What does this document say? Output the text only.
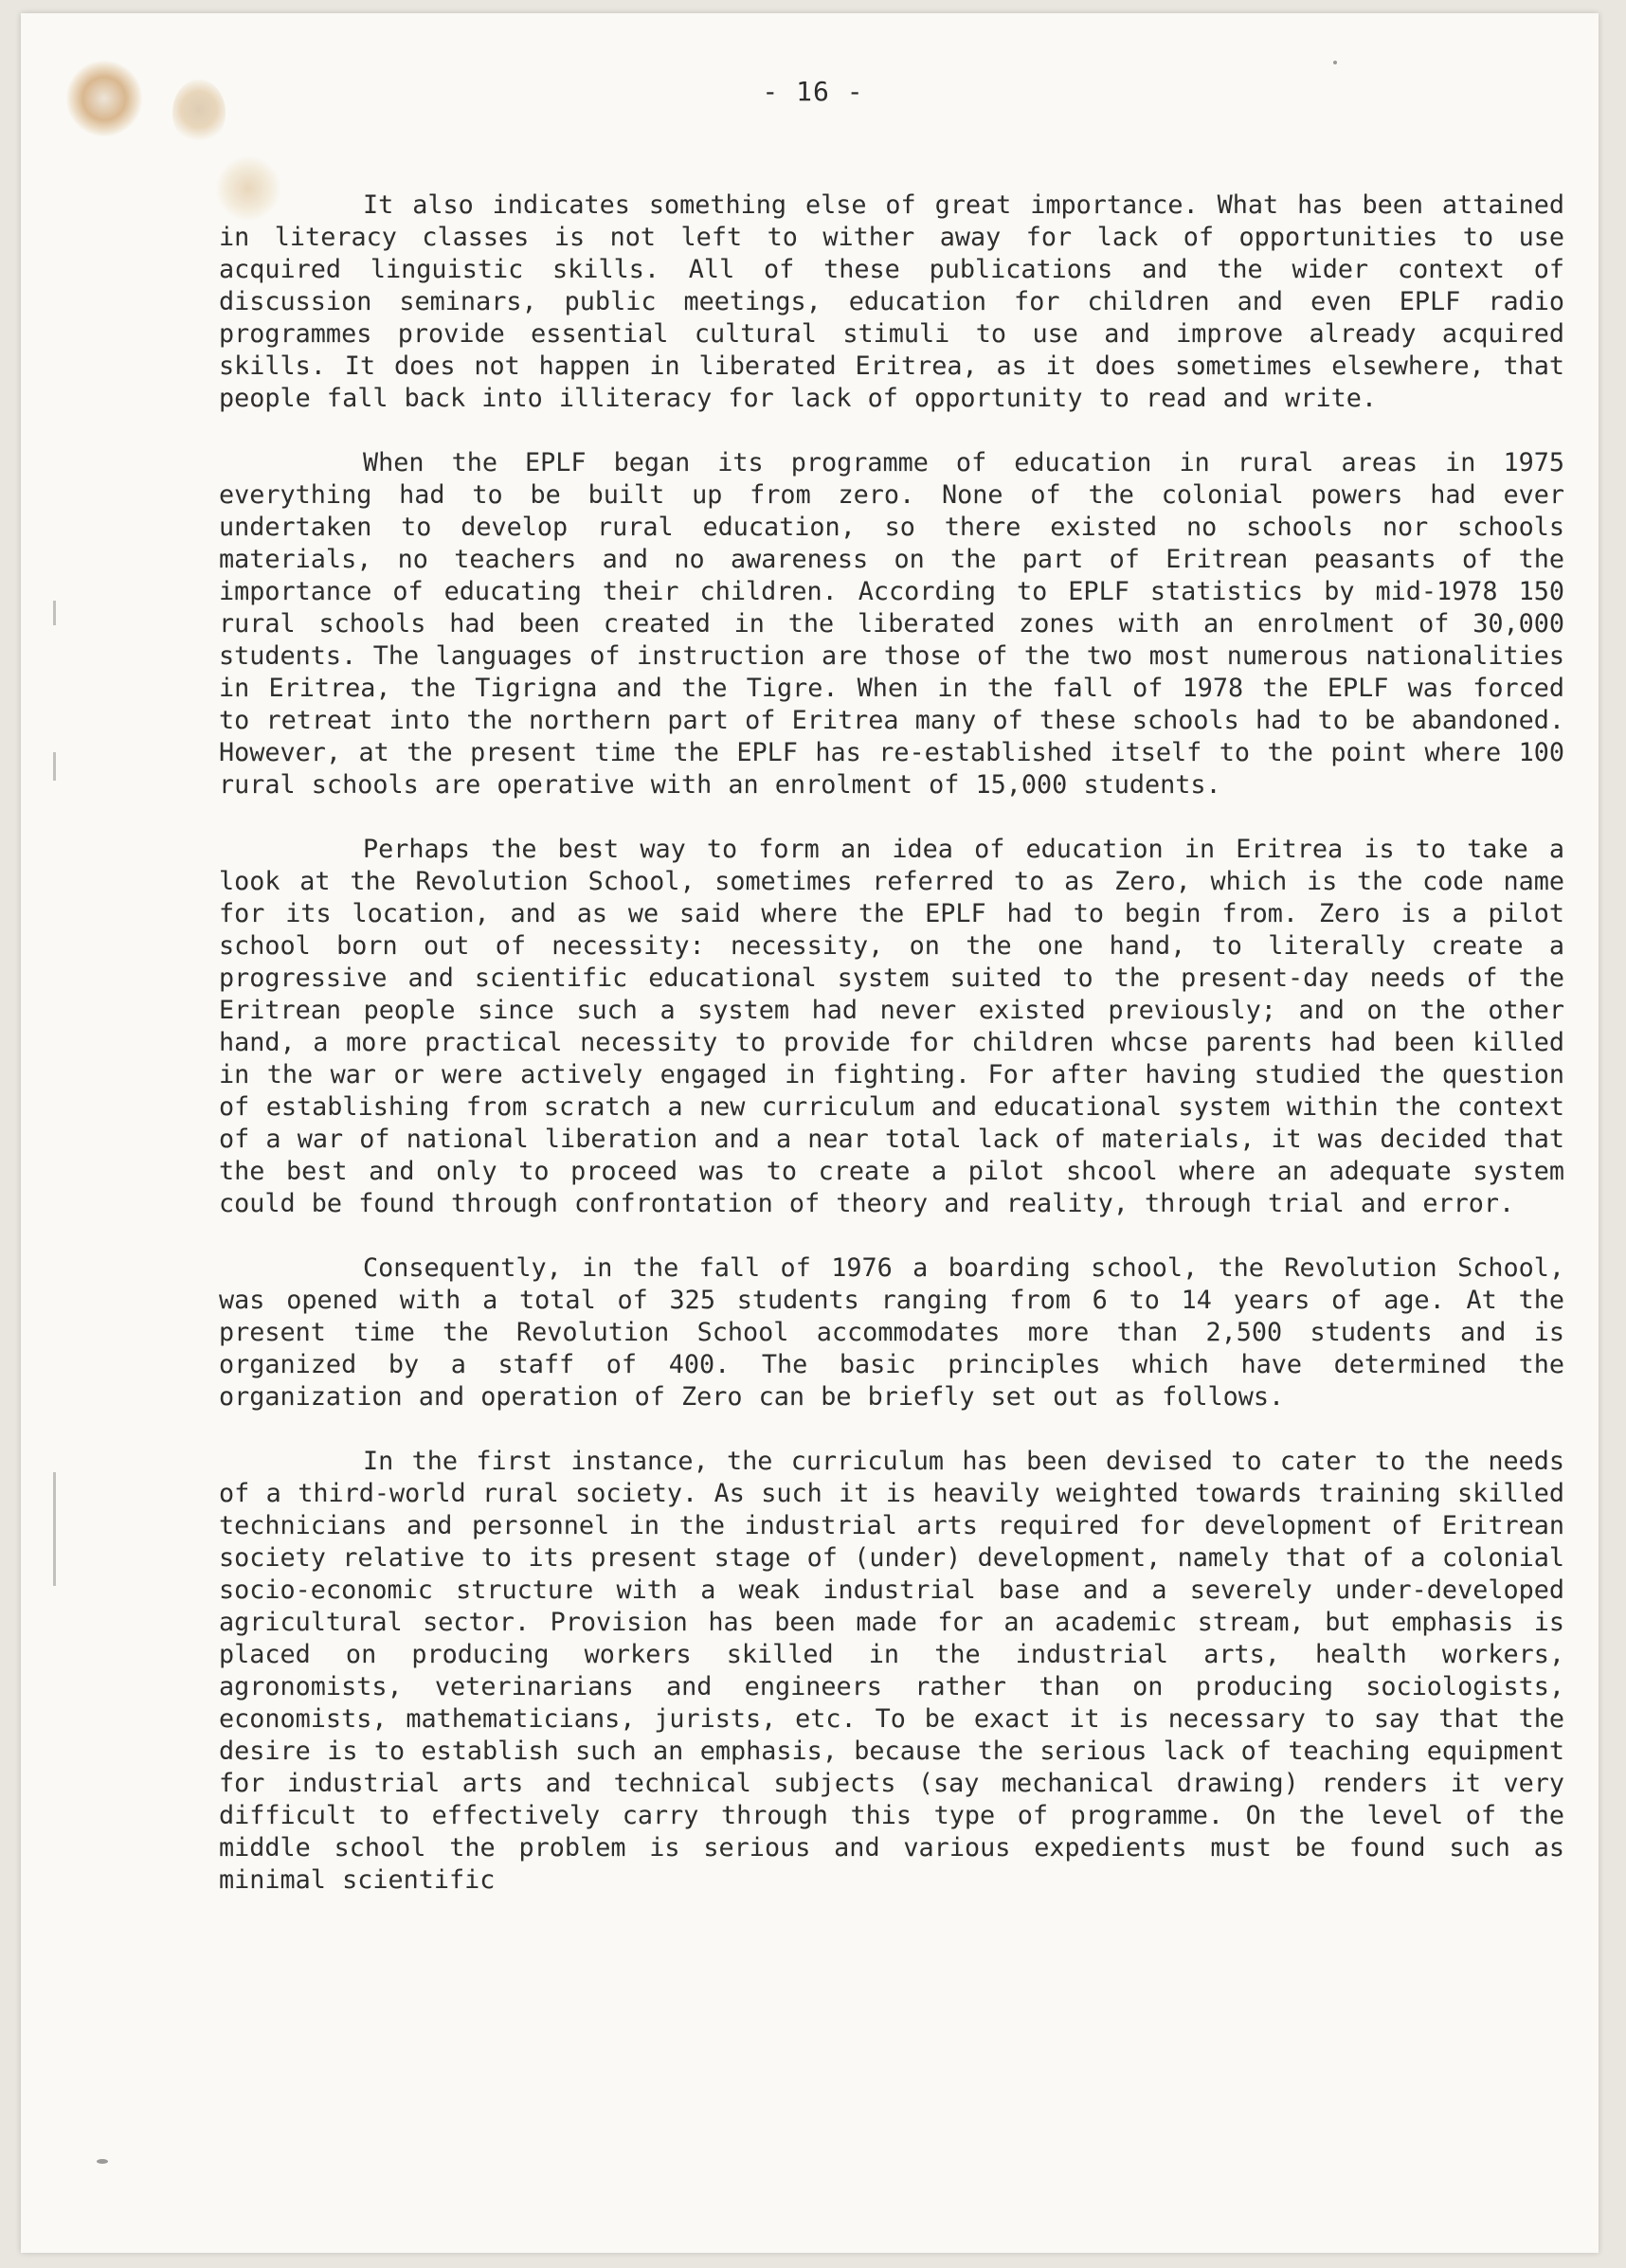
- 16 -

It also indicates something else of great importance. What has been attained in literacy classes is not left to wither away for lack of opportunities to use acquired linguistic skills. All of these publications and the wider context of discussion seminars, public meetings, education for children and even EPLF radio programmes provide essential cultural stimuli to use and improve already acquired skills. It does not happen in liberated Eritrea, as it does sometimes elsewhere, that people fall back into illiteracy for lack of opportunity to read and write.

When the EPLF began its programme of education in rural areas in 1975 everything had to be built up from zero. None of the colonial powers had ever undertaken to develop rural education, so there existed no schools nor schools materials, no teachers and no awareness on the part of Eritrean peasants of the importance of educating their children. According to EPLF statistics by mid-1978 150 rural schools had been created in the liberated zones with an enrolment of 30,000 students. The languages of instruction are those of the two most numerous nationalities in Eritrea, the Tigrigna and the Tigre. When in the fall of 1978 the EPLF was forced to retreat into the northern part of Eritrea many of these schools had to be abandoned. However, at the present time the EPLF has re-established itself to the point where 100 rural schools are operative with an enrolment of 15,000 students.

Perhaps the best way to form an idea of education in Eritrea is to take a look at the Revolution School, sometimes referred to as Zero, which is the code name for its location, and as we said where the EPLF had to begin from. Zero is a pilot school born out of necessity: necessity, on the one hand, to literally create a progressive and scientific educational system suited to the present-day needs of the Eritrean people since such a system had never existed previously; and on the other hand, a more practical necessity to provide for children whcse parents had been killed in the war or were actively engaged in fighting. For after having studied the question of establishing from scratch a new curriculum and educational system within the context of a war of national liberation and a near total lack of materials, it was decided that the best and only to proceed was to create a pilot shcool where an adequate system could be found through confrontation of theory and reality, through trial and error.

Consequently, in the fall of 1976 a boarding school, the Revolution School, was opened with a total of 325 students ranging from 6 to 14 years of age. At the present time the Revolution School accommodates more than 2,500 students and is organized by a staff of 400. The basic principles which have determined the organization and operation of Zero can be briefly set out as follows.

In the first instance, the curriculum has been devised to cater to the needs of a third-world rural society. As such it is heavily weighted towards training skilled technicians and personnel in the industrial arts required for development of Eritrean society relative to its present stage of (under) development, namely that of a colonial socio-economic structure with a weak industrial base and a severely under-developed agricultural sector. Provision has been made for an academic stream, but emphasis is placed on producing workers skilled in the industrial arts, health workers, agronomists, veterinarians and engineers rather than on producing sociologists, economists, mathematicians, jurists, etc. To be exact it is necessary to say that the desire is to establish such an emphasis, because the serious lack of teaching equipment for industrial arts and technical subjects (say mechanical drawing) renders it very difficult to effectively carry through this type of programme. On the level of the middle school the problem is serious and various expedients must be found such as minimal scientific
